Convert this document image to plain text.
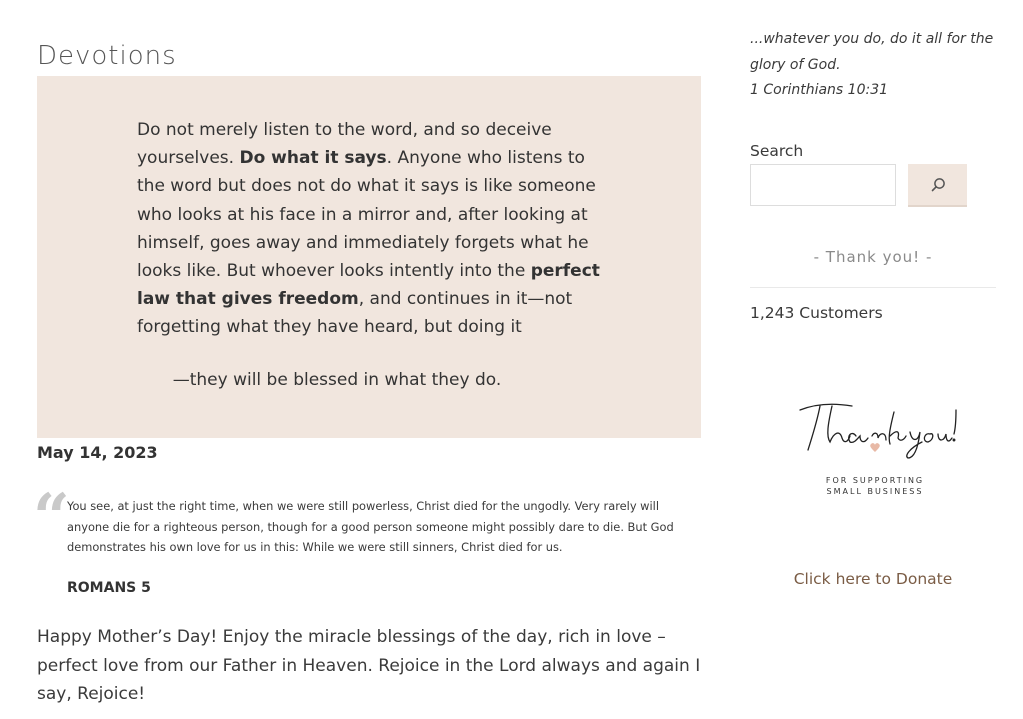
Devotions
Do not merely listen to the word, and so deceive yourselves. Do what it says. Anyone who listens to the word but does not do what it says is like someone who looks at his face in a mirror and, after looking at himself, goes away and immediately forgets what he looks like. But whoever looks intently into the perfect law that gives freedom, and continues in it—not forgetting what they have heard, but doing it
—they will be blessed in what they do.
May 14, 2023
“
You see, at just the right time, when we were still powerless, Christ died for the ungodly. Very rarely will anyone die for a righteous person, though for a good person someone might possibly dare to die. But God demonstrates his own love for us in this: While we were still sinners, Christ died for us.
ROMANS 5
Happy Mother’s Day! Enjoy the miracle blessings of the day, rich in love – perfect love from our Father in Heaven. Rejoice in the Lord always and again I say, Rejoice!
...whatever you do, do it all for the glory of God.
1 Corinthians 10:31
Search
- Thank you! -
1,243 Customers
FOR SUPPORTING
SMALL BUSINESS
Click here to Donate
